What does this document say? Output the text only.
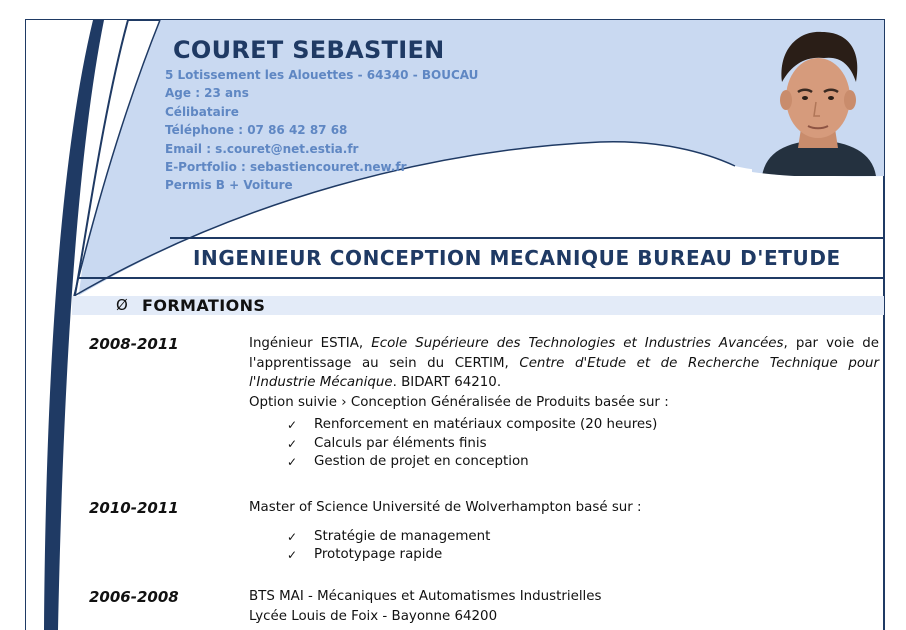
COURET SEBASTIEN
5 Lotissement les Alouettes - 64340 - BOUCAU
Age : 23 ans
Célibataire
Téléphone : 07 86 42 87 68
Email : s.couret@net.estia.fr
E-Portfolio : sebastiencouret.new.fr
Permis B + Voiture
INGENIEUR CONCEPTION MECANIQUE BUREAU D'ETUDE
Ø FORMATIONS
2008-2011	Ingénieur ESTIA, Ecole Supérieure des Technologies et Industries Avancées, par voie de l'apprentissage au sein du CERTIM, Centre d'Etude et de Recherche Technique pour l'Industrie Mécanique. BIDART 64210.

Option suivie › Conception Généralisée de Produits basée sur :

✓ Renforcement en matériaux composite (20 heures)
✓ Calculs par éléments finis
✓ Gestion de projet en conception
2010-2011	Master of Science Université de Wolverhampton basé sur :

✓ Stratégie de management
✓ Prototypage rapide
2006-2008	BTS MAI - Mécaniques et Automatismes Industrielles

Lycée Louis de Foix - Bayonne 64200
